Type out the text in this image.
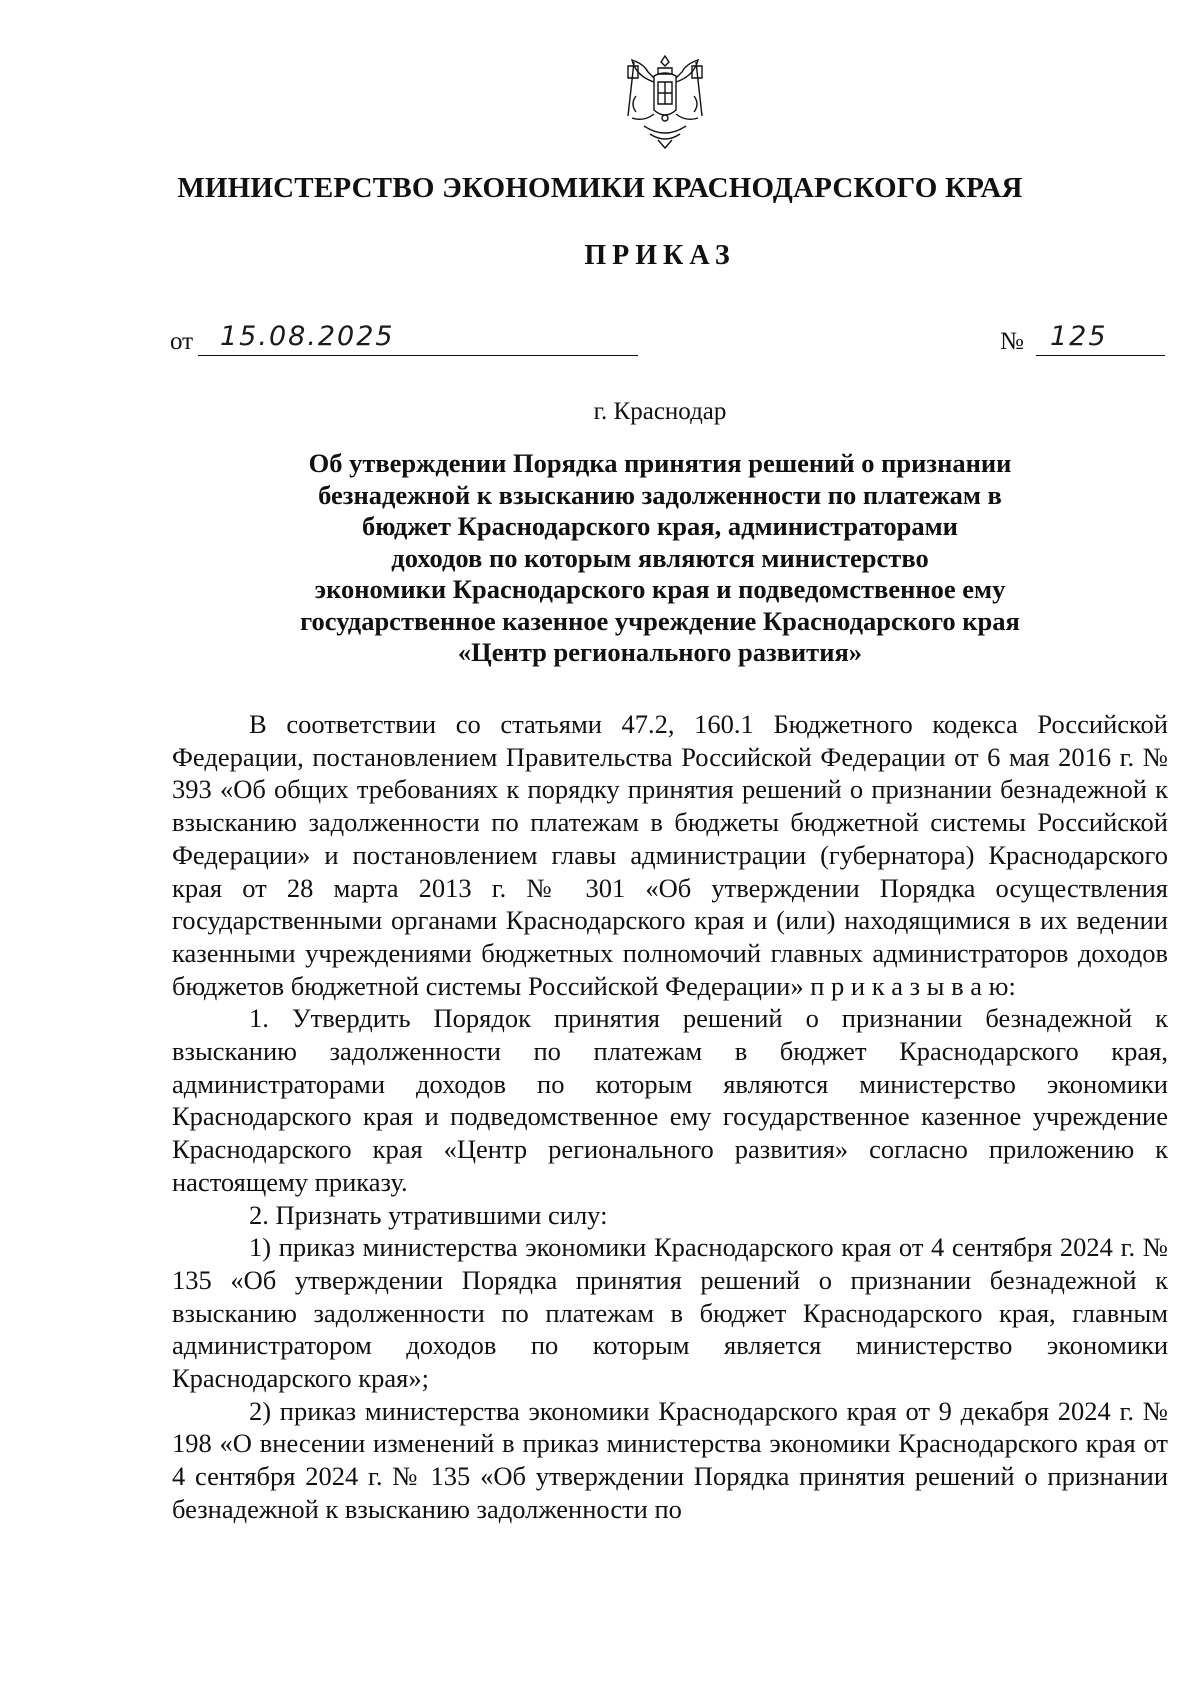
МИНИСТЕРСТВО ЭКОНОМИКИ КРАСНОДАРСКОГО КРАЯ
ПРИКАЗ
от 15.08.2025	№ 125
г. Краснодар
Об утверждении Порядка принятия решений о признании
безнадежной к взысканию задолженности по платежам в
бюджет Краснодарского края, администраторами
доходов по которым являются министерство
экономики Краснодарского края и подведомственное ему
государственное казенное учреждение Краснодарского края
«Центр регионального развития»

В соответствии со статьями 47.2, 160.1 Бюджетного кодекса Российской Федерации, постановлением Правительства Российской Федерации от 6 мая 2016 г. № 393 «Об общих требованиях к порядку принятия решений о признании безнадежной к взысканию задолженности по платежам в бюджеты бюджетной системы Российской Федерации» и постановлением главы администрации (губернатора) Краснодарского края от 28 марта 2013 г. № 301 «Об утверждении Порядка осуществления государственными органами Краснодарского края и (или) находящимися в их ведении казенными учреждениями бюджетных полномочий главных администраторов доходов бюджетов бюджетной системы Российской Федерации» п р и к а з ы в а ю:

1. Утвердить Порядок принятия решений о признании безнадежной к взысканию задолженности по платежам в бюджет Краснодарского края, администраторами доходов по которым являются министерство экономики Краснодарского края и подведомственное ему государственное казенное учреждение Краснодарского края «Центр регионального развития» согласно приложению к настоящему приказу.

2. Признать утратившими силу:

1) приказ министерства экономики Краснодарского края от 4 сентября 2024 г. № 135 «Об утверждении Порядка принятия решений о признании безнадежной к взысканию задолженности по платежам в бюджет Краснодарского края, главным администратором доходов по которым является министерство экономики Краснодарского края»;

2) приказ министерства экономики Краснодарского края от 9 декабря 2024 г. № 198 «О внесении изменений в приказ министерства экономики Краснодарского края от 4 сентября 2024 г. № 135 «Об утверждении Порядка принятия решений о признании безнадежной к взысканию задолженности по
